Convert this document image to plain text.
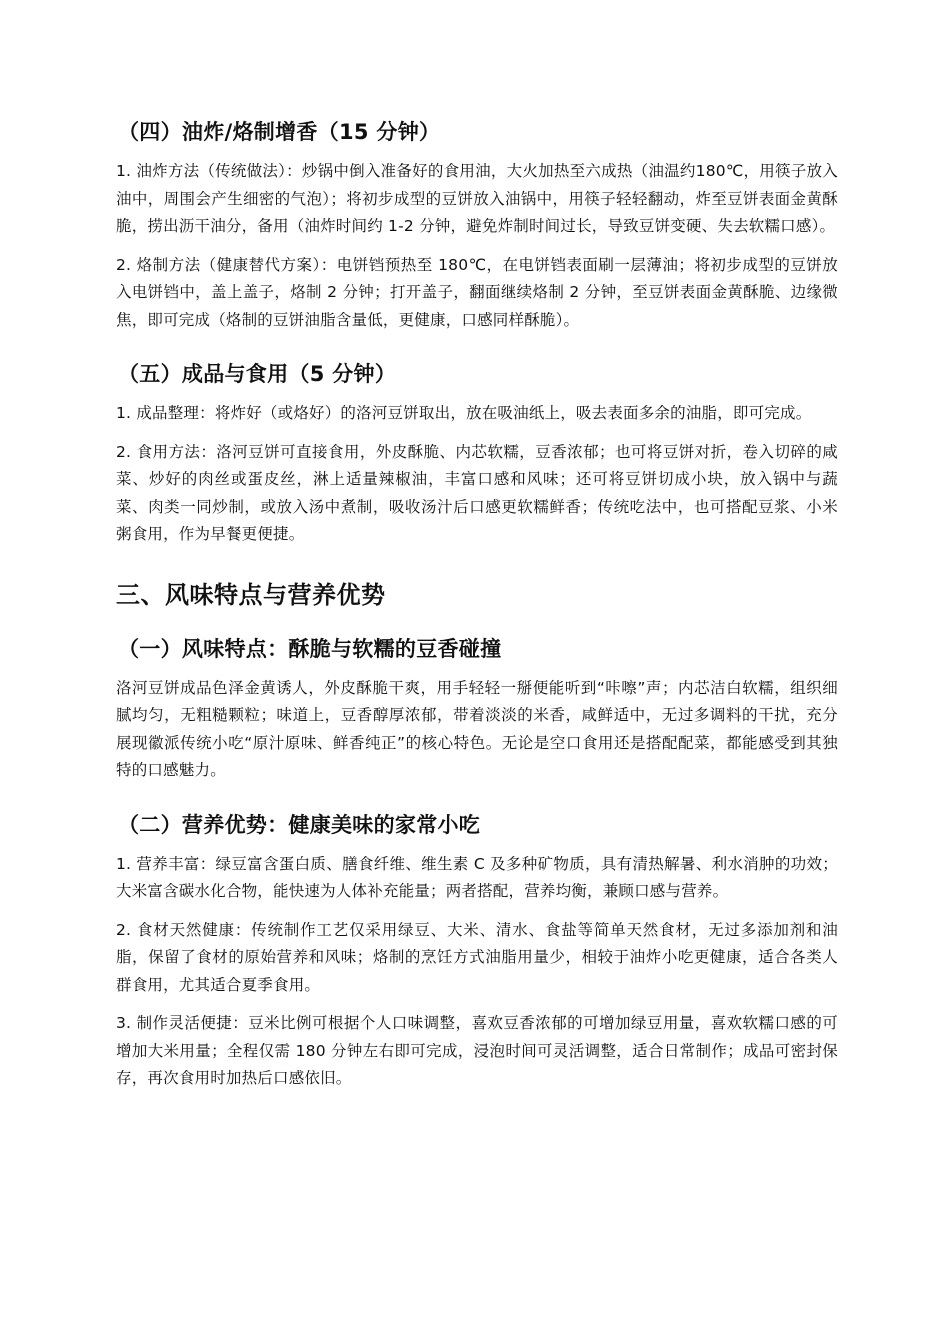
（四）油炸/烙制增香（15 分钟）

1. 油炸方法（传统做法）：炒锅中倒入准备好的食用油，大火加热至六成热（油温约180℃，用筷子放入油中，周围会产生细密的气泡）；将初步成型的豆饼放入油锅中，用筷子轻轻翻动，炸至豆饼表面金黄酥脆，捞出沥干油分，备用（油炸时间约 1-2 分钟，避免炸制时间过长，导致豆饼变硬、失去软糯口感）。

2. 烙制方法（健康替代方案）：电饼铛预热至 180℃，在电饼铛表面刷一层薄油；将初步成型的豆饼放入电饼铛中，盖上盖子，烙制 2 分钟；打开盖子，翻面继续烙制 2 分钟，至豆饼表面金黄酥脆、边缘微焦，即可完成（烙制的豆饼油脂含量低，更健康，口感同样酥脆）。

（五）成品与食用（5 分钟）

1. 成品整理：将炸好（或烙好）的洛河豆饼取出，放在吸油纸上，吸去表面多余的油脂，即可完成。

2. 食用方法：洛河豆饼可直接食用，外皮酥脆、内芯软糯，豆香浓郁；也可将豆饼对折，卷入切碎的咸菜、炒好的肉丝或蛋皮丝，淋上适量辣椒油，丰富口感和风味；还可将豆饼切成小块，放入锅中与蔬菜、肉类一同炒制，或放入汤中煮制，吸收汤汁后口感更软糯鲜香；传统吃法中，也可搭配豆浆、小米粥食用，作为早餐更便捷。

三、风味特点与营养优势
（一）风味特点：酥脆与软糯的豆香碰撞

洛河豆饼成品色泽金黄诱人，外皮酥脆干爽，用手轻轻一掰便能听到“咔嚓”声；内芯洁白软糯，组织细腻均匀，无粗糙颗粒；味道上，豆香醇厚浓郁，带着淡淡的米香，咸鲜适中，无过多调料的干扰，充分展现徽派传统小吃“原汁原味、鲜香纯正”的核心特色。无论是空口食用还是搭配配菜，都能感受到其独特的口感魅力。

（二）营养优势：健康美味的家常小吃

1. 营养丰富：绿豆富含蛋白质、膳食纤维、维生素 C 及多种矿物质，具有清热解暑、利水消肿的功效；大米富含碳水化合物，能快速为人体补充能量；两者搭配，营养均衡，兼顾口感与营养。

2. 食材天然健康：传统制作工艺仅采用绿豆、大米、清水、食盐等简单天然食材，无过多添加剂和油脂，保留了食材的原始营养和风味；烙制的烹饪方式油脂用量少，相较于油炸小吃更健康，适合各类人群食用，尤其适合夏季食用。

3. 制作灵活便捷：豆米比例可根据个人口味调整，喜欢豆香浓郁的可增加绿豆用量，喜欢软糯口感的可增加大米用量；全程仅需 180 分钟左右即可完成，浸泡时间可灵活调整，适合日常制作；成品可密封保存，再次食用时加热后口感依旧。
